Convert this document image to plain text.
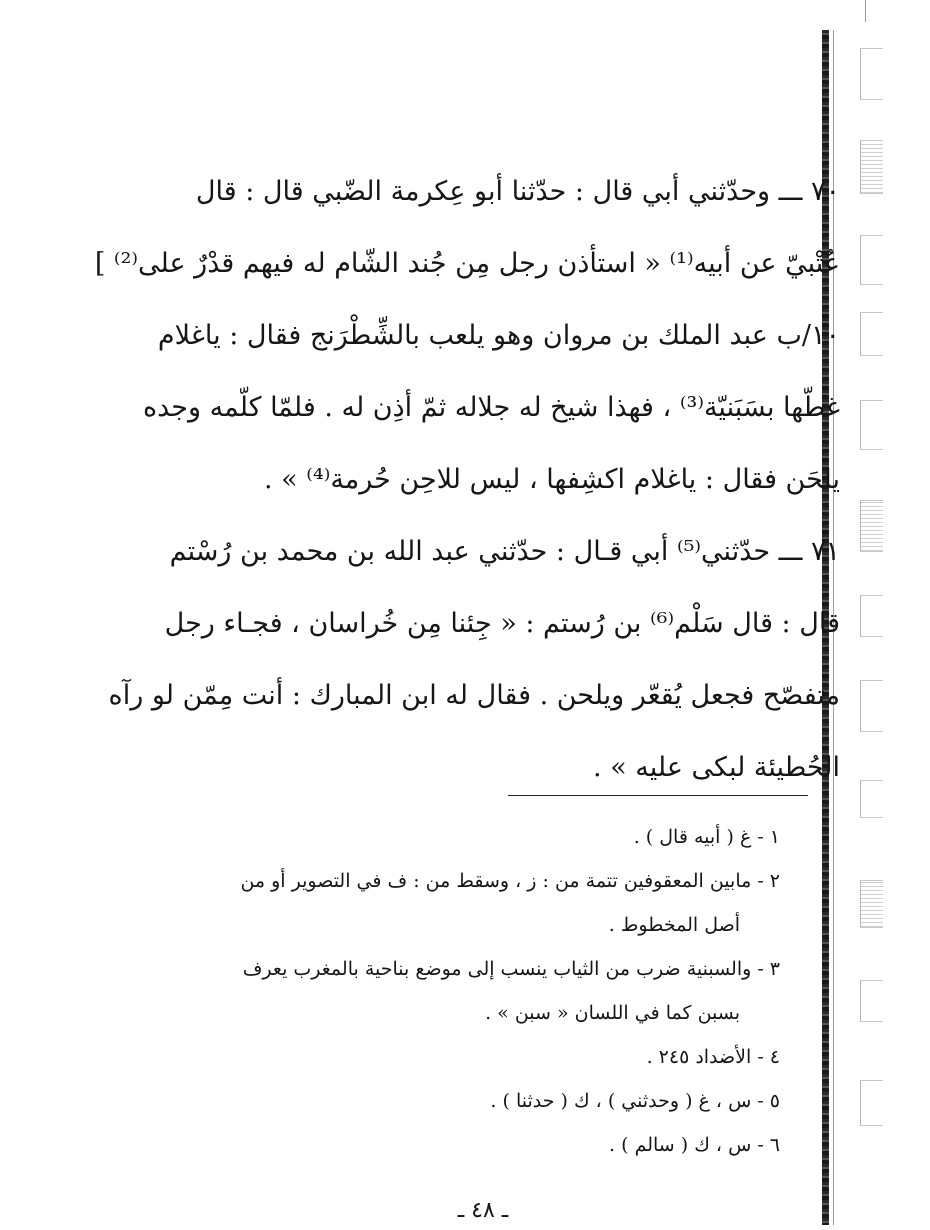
٧٠ ـــ وحدّثني أبي قال : حدّثنا أبو عِكرمة الضّبي قال : قال
عُتْبيّ عن أبيه⁽¹⁾ « استأذن رجل مِن جُند الشّام له فيهم قدْرٌ على⁽²⁾ ]
١٠/ب عبد الملك بن مروان وهو يلعب بالشِّطْرَنج فقال : ياغلام
غطّها بسَبَنيّة⁽³⁾ ، فهذا شيخ له جلاله ثمّ أذِن له . فلمّا كلّمه وجده
يلحَن فقال : ياغلام اكشِفها ، ليس للاحِن حُرمة⁽⁴⁾ » .
٧١ ـــ حدّثني⁽⁵⁾ أبي قـال : حدّثني عبد الله بن محمد بن رُسْتم
قال : قال سَلْم⁽⁶⁾ بن رُستم : « جِئنا مِن خُراسان ، فجـاء رجل
متفصّح فجعل يُقعّر ويلحن . فقال له ابن المبارك : أنت مِمّن لو رآه
الحُطيئة لبكى عليه » .
١ - غ ( أبيه قال ) .
٢ - مابين المعقوفين تتمة من : ز ، وسقط من : ف في التصوير أو من
أصل المخطوط .
٣ - والسبنية ضرب من الثياب ينسب إلى موضع بناحية بالمغرب يعرف
بسبن كما في اللسان « سبن » .
٤ - الأضداد ٢٤٥ .
٥ - س ، غ ( وحدثني ) ، ك ( حدثنا ) .
٦ - س ، ك ( سالم ) .
ـ ٤٨ ـ
